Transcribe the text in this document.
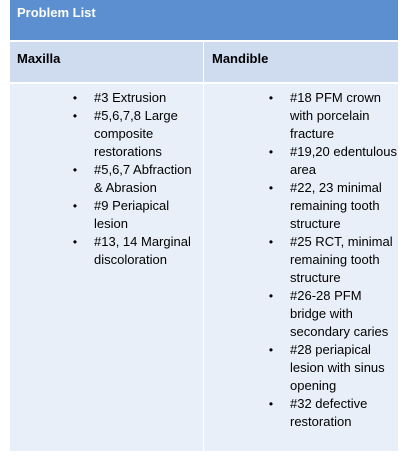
Problem List
Maxilla	Mandible
• #3 Extrusion
• #5,6,7,8 Large composite restorations
• #5,6,7 Abfraction & Abrasion
• #9 Periapical lesion
• #13, 14 Marginal discoloration
• #18 PFM crown with porcelain fracture
• #19,20 edentulous area
• #22, 23 minimal remaining tooth structure
• #25 RCT, minimal remaining tooth structure
• #26-28 PFM bridge with secondary caries
• #28 periapical lesion with sinus opening
• #32 defective restoration
